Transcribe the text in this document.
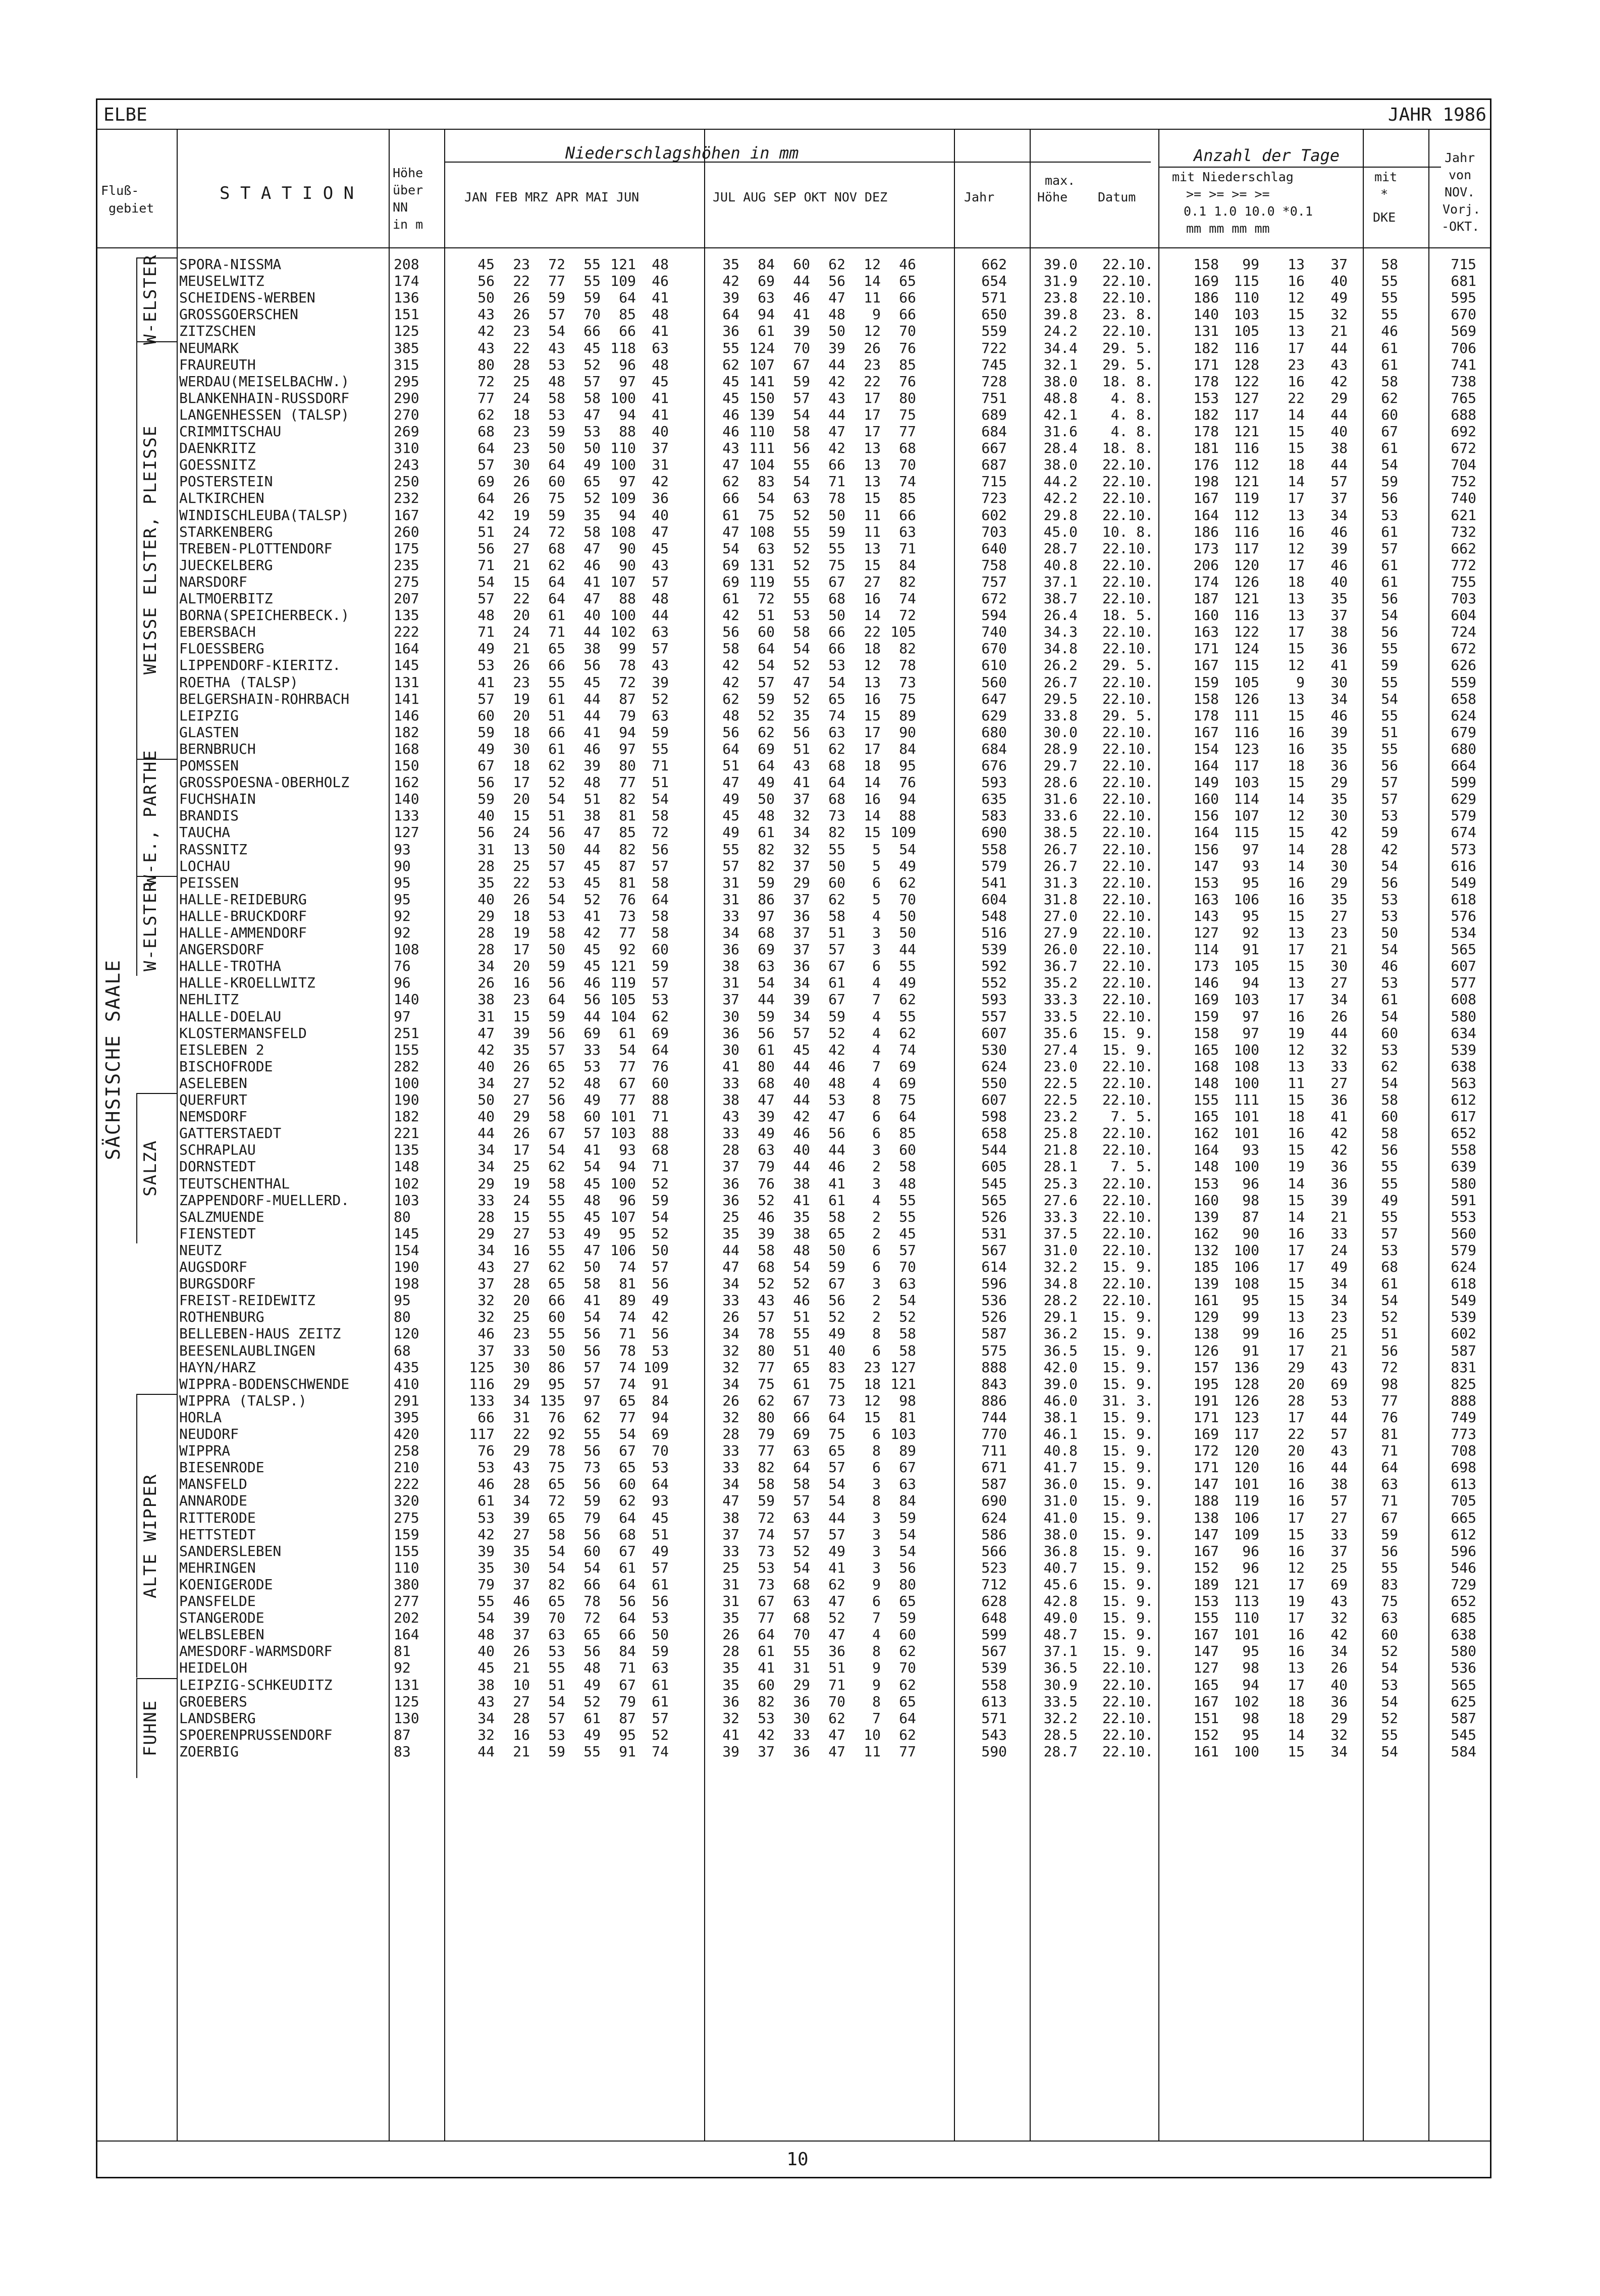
ELBE	JAHR 1986
Fluß-
gebiet
S T A T I O N
Höhe
über
NN
in m
Niederschlagshöhen in mm
JAN FEB MRZ APR MAI JUN	JUL AUG SEP OKT NOV DEZ	Jahr
max.
Höhe Datum
Anzahl der Tage
mit Niederschlag
>= >= >= >=
0.1 1.0 10.0 *0.1
mm mm mm mm
mit
*
DKE
Jahr
von
NOV.
Vorj.
-OKT.
SPORA-NISSMA	208	45 23 72 55 121 48	35 84 60 62 12 46	662	39.0 22.10.	158 99 13 37 58	715
MEUSELWITZ	174	56 22 77 55 109 46	42 69 44 56 14 65	654	31.9 22.10.	169 115 16 40 55	681
SCHEIDENS-WERBEN	136	50 26 59 59 64 41	39 63 46 47 11 66	571	23.8 22.10.	186 110 12 49 55	595
GROSSGOERSCHEN	151	43 26 57 70 85 48	64 94 41 48 9 66	650	39.8 23. 8.	140 103 15 32 55	670
ZITZSCHEN	125	42 23 54 66 66 41	36 61 39 50 12 70	559	24.2 22.10.	131 105 13 21 46	569
NEUMARK	385	43 22 43 45 118 63	55 124 70 39 26 76	722	34.4 29. 5.	182 116 17 44 61	706
FRAUREUTH	315	80 28 53 52 96 48	62 107 67 44 23 85	745	32.1 29. 5.	171 128 23 43 61	741
WERDAU(MEISELBACHW.)	295	72 25 48 57 97 45	45 141 59 42 22 76	728	38.0 18. 8.	178 122 16 42 58	738
BLANKENHAIN-RUSSDORF	290	77 24 58 58 100 41	45 150 57 43 17 80	751	48.8 4. 8.	153 127 22 29 62	765
LANGENHESSEN (TALSP)	270	62 18 53 47 94 41	46 139 54 44 17 75	689	42.1 4. 8.	182 117 14 44 60	688
CRIMMITSCHAU	269	68 23 59 53 88 40	46 110 58 47 17 77	684	31.6 4. 8.	178 121 15 40 67	692
DAENKRITZ	310	64 23 50 50 110 37	43 111 56 42 13 68	667	28.4 18. 8.	181 116 15 38 61	672
GOESSNITZ	243	57 30 64 49 100 31	47 104 55 66 13 70	687	38.0 22.10.	176 112 18 44 54	704
POSTERSTEIN	250	69 26 60 65 97 42	62 83 54 71 13 74	715	44.2 22.10.	198 121 14 57 59	752
ALTKIRCHEN	232	64 26 75 52 109 36	66 54 63 78 15 85	723	42.2 22.10.	167 119 17 37 56	740
WINDISCHLEUBA(TALSP)	167	42 19 59 35 94 40	61 75 52 50 11 66	602	29.8 22.10.	164 112 13 34 53	621
STARKENBERG	260	51 24 72 58 108 47	47 108 55 59 11 63	703	45.0 10. 8.	186 116 16 46 61	732
TREBEN-PLOTTENDORF	175	56 27 68 47 90 45	54 63 52 55 13 71	640	28.7 22.10.	173 117 12 39 57	662
JUECKELBERG	235	71 21 62 46 90 43	69 131 52 75 15 84	758	40.8 22.10.	206 120 17 46 61	772
NARSDORF	275	54 15 64 41 107 57	69 119 55 67 27 82	757	37.1 22.10.	174 126 18 40 61	755
ALTMOERBITZ	207	57 22 64 47 88 48	61 72 55 68 16 74	672	38.7 22.10.	187 121 13 35 56	703
BORNA(SPEICHERBECK.)	135	48 20 61 40 100 44	42 51 53 50 14 72	594	26.4 18. 5.	160 116 13 37 54	604
EBERSBACH	222	71 24 71 44 102 63	56 60 58 66 22 105	740	34.3 22.10.	163 122 17 38 56	724
FLOESSBERG	164	49 21 65 38 99 57	58 64 54 66 18 82	670	34.8 22.10.	171 124 15 36 55	672
LIPPENDORF-KIERITZ.	145	53 26 66 56 78 43	42 54 52 53 12 78	610	26.2 29. 5.	167 115 12 41 59	626
ROETHA (TALSP)	131	41 23 55 45 72 39	42 57 47 54 13 73	560	26.7 22.10.	159 105	9 30 55	559
BELGERSHAIN-ROHRBACH	141	57 19 61 44 87 52	62 59 52 65 16 75	647	29.5 22.10.	158 126 13 34 54	658
LEIPZIG	146	60 20 51 44 79 63	48 52 35 74 15 89	629	33.8 29. 5.	178 111 15 46 55	624
GLASTEN	182	59 18 66 41 94 59	56 62 56 63 17 90	680	30.0 22.10.	167 116 16 39 51	679
BERNBRUCH	168	49 30 61 46 97 55	64 69 51 62 17 84	684	28.9 22.10.	154 123 16 35 55	680
POMSSEN	150	67 18 62 39 80 71	51 64 43 68 18 95	676	29.7 22.10.	164 117 18 36 56	664
GROSSPOESNA-OBERHOLZ	162	56 17 52 48 77 51	47 49 41 64 14 76	593	28.6 22.10.	149 103 15 29 57	599
FUCHSHAIN	140	59 20 54 51 82 54	49 50 37 68 16 94	635	31.6 22.10.	160 114 14 35 57	629
BRANDIS	133	40 15 51 38 81 58	45 48 32 73 14 88	583	33.6 22.10.	156 107 12 30 53	579
TAUCHA	127	56 24 56 47 85 72	49 61 34 82 15 109	690	38.5 22.10.	164 115 15 42 59	674
RASSNITZ	93	31 13 50 44 82 56	55 82 32 55 5 54	558	26.7 22.10.	156 97 14 28 42	573
LOCHAU	90	28 25 57 45 87 57	57 82 37 50 5 49	579	26.7 22.10.	147 93 14 30 54	616
PEISSEN	95	35 22 53 45 81 58	31 59 29 60 6 62	541	31.3 22.10.	153 95 16 29 56	549
HALLE-REIDEBURG	95	40 26 54 52 76 64	31 86 37 62 5 70	604	31.8 22.10.	163 106 16 35 53	618
HALLE-BRUCKDORF	92	29 18 53 41 73 58	33 97 36 58 4 50	548	27.0 22.10.	143 95 15 27 53	576
HALLE-AMMENDORF	92	28 19 58 42 77 58	34 68 37 51 3 50	516	27.9 22.10.	127 92 13 23 50	534
ANGERSDORF	108	28 17 50 45 92 60	36 69 37 57 3 44	539	26.0 22.10.	114 91 17 21 54	565
HALLE-TROTHA	76	34 20 59 45 121 59	38 63 36 67 6 55	592	36.7 22.10.	173 105 15 30 46	607
HALLE-KROELLWITZ	96	26 16 56 46 119 57	31 54 34 61 4 49	552	35.2 22.10.	146 94 13 27 53	577
NEHLITZ	140	38 23 64 56 105 53	37 44 39 67 7 62	593	33.3 22.10.	169 103 17 34 61	608
HALLE-DOELAU	97	31 15 59 44 104 62	30 59 34 59 4 55	557	33.5 22.10.	159 97 16 26 54	580
KLOSTERMANSFELD	251	47 39 56 69 61 69	36 56 57 52 4 62	607	35.6 15. 9.	158 97 19 44 60	634
EISLEBEN 2	155	42 35 57 33 54 64	30 61 45 42 4 74	530	27.4 15. 9.	165 100 12 32 53	539
BISCHOFRODE	282	40 26 65 53 77 76	41 80 44 46 7 69	624	23.0 22.10.	168 108 13 33 62	638
ASELEBEN	100	34 27 52 48 67 60	33 68 40 48 4 69	550	22.5 22.10.	148 100 11 27 54	563
QUERFURT	190	50 27 56 49 77 88	38 47 44 53 8 75	607	22.5 22.10.	155 111 15 36 58	612
NEMSDORF	182	40 29 58 60 101 71	43 39 42 47 6 64	598	23.2 7. 5.	165 101 18 41 60	617
GATTERSTAEDT	221	44 26 67 57 103 88	33 49 46 56 6 85	658	25.8 22.10.	162 101 16 42 58	652
SCHRAPLAU	135	34 17 54 41 93 68	28 63 40 44 3 60	544	21.8 22.10.	164 93 15 42 56	558
DORNSTEDT	148	34 25 62 54 94 71	37 79 44 46 2 58	605	28.1 7. 5.	148 100 19 36 55	639
TEUTSCHENTHAL	102	29 19 58 45 100 52	36 76 38 41 3 48	545	25.3 22.10.	153 96 14 36 55	580
ZAPPENDORF-MUELLERD.	103	33 24 55 48 96 59	36 52 41 61 4 55	565	27.6 22.10.	160 98 15 39 49	591
SALZMUENDE	80	28 15 55 45 107 54	25 46 35 58 2 55	526	33.3 22.10.	139 87 14 21 55	553
FIENSTEDT	145	29 27 53 49 95 52	35 39 38 65 2 45	531	37.5 22.10.	162 90 16 33 57	560
NEUTZ	154	34 16 55 47 106 50	44 58 48 50 6 57	567	31.0 22.10.	132 100 17 24 53	579
AUGSDORF	190	43 27 62 50 74 57	47 68 54 59 6 70	614	32.2 15. 9.	185 106 17 49 68	624
BURGSDORF	198	37 28 65 58 81 56	34 52 52 67 3 63	596	34.8 22.10.	139 108 15 34 61	618
FREIST-REIDEWITZ	95	32 20 66 41 89 49	33 43 46 56 2 54	536	28.2 22.10.	161 95 15 34 54	549
ROTHENBURG	80	32 25 60 54 74 42	26 57 51 52 2 52	526	29.1 15. 9.	129 99 13 23 52	539
BELLEBEN-HAUS ZEITZ	120	46 23 55 56 71 56	34 78 55 49 8 58	587	36.2 15. 9.	138 99 16 25 51	602
BEESENLAUBLINGEN	68	37 33 50 56 78 53	32 80 51 40 6 58	575	36.5 15. 9.	126 91 17 21 56	587
HAYN/HARZ	435	125 30 86 57 74 109	32 77 65 83 23 127	888	42.0 15. 9.	157 136 29 43 72	831
WIPPRA-BODENSCHWENDE	410	116 29 95 57 74 91	34 75 61 75 18 121	843	39.0 15. 9.	195 128 20 69 98	825
WIPPRA (TALSP.)	291	133 34 135 97 65 84	26 62 67 73 12 98	886	46.0 31. 3.	191 126 28 53 77	888
HORLA	395	66 31 76 62 77 94	32 80 66 64 15 81	744	38.1 15. 9.	171 123 17 44 76	749
NEUDORF	420	117 22 92 55 54 69	28 79 69 75 6 103	770	46.1 15. 9.	169 117 22 57 81	773
WIPPRA	258	76 29 78 56 67 70	33 77 63 65 8 89	711	40.8 15. 9.	172 120 20 43 71	708
BIESENRODE	210	53 43 75 73 65 53	33 82 64 57 6 67	671	41.7 15. 9.	171 120 16 44 64	698
MANSFELD	222	46 28 65 56 60 64	34 58 58 54 3 63	587	36.0 15. 9.	147 101 16 38 63	613
ANNARODE	320	61 34 72 59 62 93	47 59 57 54 8 84	690	31.0 15. 9.	188 119 16 57 71	705
RITTERODE	275	53 39 65 79 64 45	38 72 63 44 3 59	624	41.0 15. 9.	138 106 17 27 67	665
HETTSTEDT	159	42 27 58 56 68 51	37 74 57 57 3 54	586	38.0 15. 9.	147 109 15 33 59	612
SANDERSLEBEN	155	39 35 54 60 67 49	33 73 52 49 3 54	566	36.8 15. 9.	167 96 16 37 56	596
MEHRINGEN	110	35 30 54 54 61 57	25 53 54 41 3 56	523	40.7 15. 9.	152 96 12 25 55	546
KOENIGERODE	380	79 37 82 66 64 61	31 73 68 62 9 80	712	45.6 15. 9.	189 121 17 69 83	729
PANSFELDE	277	55 46 65 78 56 56	31 67 63 47 6 65	628	42.8 15. 9.	153 113 19 43 75	652
STANGERODE	202	54 39 70 72 64 53	35 77 68 52 7 59	648	49.0 15. 9.	155 110 17 32 63	685
WELBSLEBEN	164	48 37 63 65 66 50	26 64 70 47 4 60	599	48.7 15. 9.	167 101 16 42 60	638
AMESDORF-WARMSDORF	81	40 26 53 56 84 59	28 61 55 36 8 62	567	37.1 15. 9.	147 95 16 34 52	580
HEIDELOH	92	45 21 55 48 71 63	35 41 31 51 9 70	539	36.5 22.10.	127 98 13 26 54	536
LEIPZIG-SCHKEUDITZ	131	38 10 51 49 67 61	35 60 29 71 9 62	558	30.9 22.10.	165 94 17 40 53	565
GROEBERS	125	43 27 54 52 79 61	36 82 36 70 8 65	613	33.5 22.10.	167 102 18 36 54	625
LANDSBERG	130	34 28 57 61 87 57	32 53 30 62 7 64	571	32.2 22.10.	151 98 18 29 52	587
SPOERENPRUSSENDORF	87	32 16 53 49 95 52	41 42 33 47 10 62	543	28.5 22.10.	152 95 14 32 55	545
ZOERBIG	83	44 21 59 55 91 74	39 37 36 47 11 77	590	28.7 22.10.	161 100 15 34 54	584
W-ELSTER
WEISSE ELSTER, PLEISSE
W-E., PARTHE
W-ELSTER
SALZA
ALTE WIPPER
FUHNE
SÄCHSISCHE SAALE
10
